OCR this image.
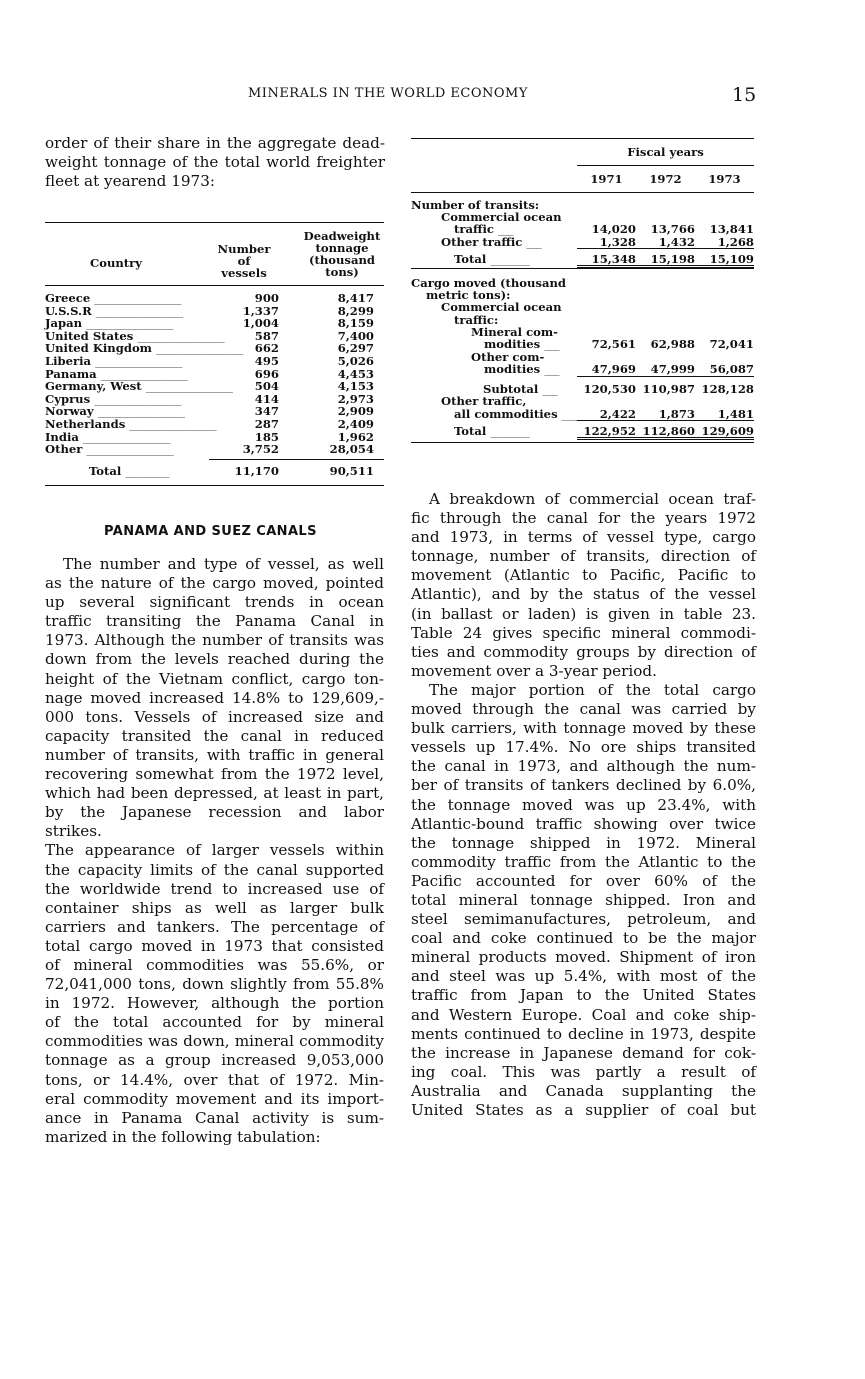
MINERALS IN THE WORLD ECONOMY	15
order of their share in the aggregate dead-
weight tonnage of the total world freighter
fleet at yearend 1973:
Country
Number
of
vessels
Deadweight
tonnage
(thousand
tons)
Greece __________________	900	8,417
U.S.S.R __________________	1,337	8,299
Japan __________________	1,004	8,159
United States __________________	587	7,400
United Kingdom __________________	662	6,297
Liberia __________________	495	5,026
Panama __________________	696	4,453
Germany, West __________________	504	4,153
Cyprus __________________	414	2,973
Norway __________________	347	2,909
Netherlands __________________	287	2,409
India __________________	185	1,962
Other __________________	3,752	28,054
Total _________	11,170	90,511
PANAMA AND SUEZ CANALS
The number and type of vessel, as well
as the nature of the cargo moved, pointed
up several significant trends in ocean
traffic transiting the Panama Canal in
1973. Although the number of transits was
down from the levels reached during the
height of the Vietnam conflict, cargo ton-
nage moved increased 14.8% to 129,609,-
000 tons. Vessels of increased size and
capacity transited the canal in reduced
number of transits, with traffic in general
recovering somewhat from the 1972 level,
which had been depressed, at least in part,
by the Japanese recession and labor strikes.
The appearance of larger vessels within
the capacity limits of the canal supported
the worldwide trend to increased use of
container ships as well as larger bulk
carriers and tankers. The percentage of
total cargo moved in 1973 that consisted
of mineral commodities was 55.6%, or
72,041,000 tons, down slightly from 55.8%
in 1972. However, although the portion
of the total accounted for by mineral
commodities was down, mineral commodity
tonnage as a group increased 9,053,000
tons, or 14.4%, over that of 1972. Min-
eral commodity movement and its import-
ance in Panama Canal activity is sum-
marized in the following tabulation:
Fiscal years
1971	1972	1973
Number of transits:
Commercial ocean
traffic ___	14,020	13,766	13,841
Other traffic ___	1,328	1,432	1,268
Total ________	15,348	15,198	15,109
Cargo moved (thousand
metric tons):
Commercial ocean
traffic:
Mineral com-
modities ___	72,561	62,988	72,041
Other com-
modities ___	47,969	47,999	56,087
Subtotal ___	120,530 110,987 128,128
Other traffic,
all commodities ___	2,422	1,873	1,481
Total ________	122,952 112,860 129,609
A breakdown of commercial ocean traf-
fic through the canal for the years 1972
and 1973, in terms of vessel type, cargo
tonnage, number of transits, direction of
movement (Atlantic to Pacific, Pacific to
Atlantic), and by the status of the vessel
(in ballast or laden) is given in table 23.
Table 24 gives specific mineral commodi-
ties and commodity groups by direction of
movement over a 3-year period.
The major portion of the total cargo
moved through the canal was carried by
bulk carriers, with tonnage moved by these
vessels up 17.4%. No ore ships transited
the canal in 1973, and although the num-
ber of transits of tankers declined by 6.0%,
the tonnage moved was up 23.4%, with
Atlantic-bound traffic showing over twice
the tonnage shipped in 1972. Mineral
commodity traffic from the Atlantic to the
Pacific accounted for over 60% of the
total mineral tonnage shipped. Iron and
steel semimanufactures, petroleum, and
coal and coke continued to be the major
mineral products moved. Shipment of iron
and steel was up 5.4%, with most of the
traffic from Japan to the United States
and Western Europe. Coal and coke ship-
ments continued to decline in 1973, despite
the increase in Japanese demand for cok-
ing coal. This was partly a result of
Australia and Canada supplanting the
United States as a supplier of coal but
